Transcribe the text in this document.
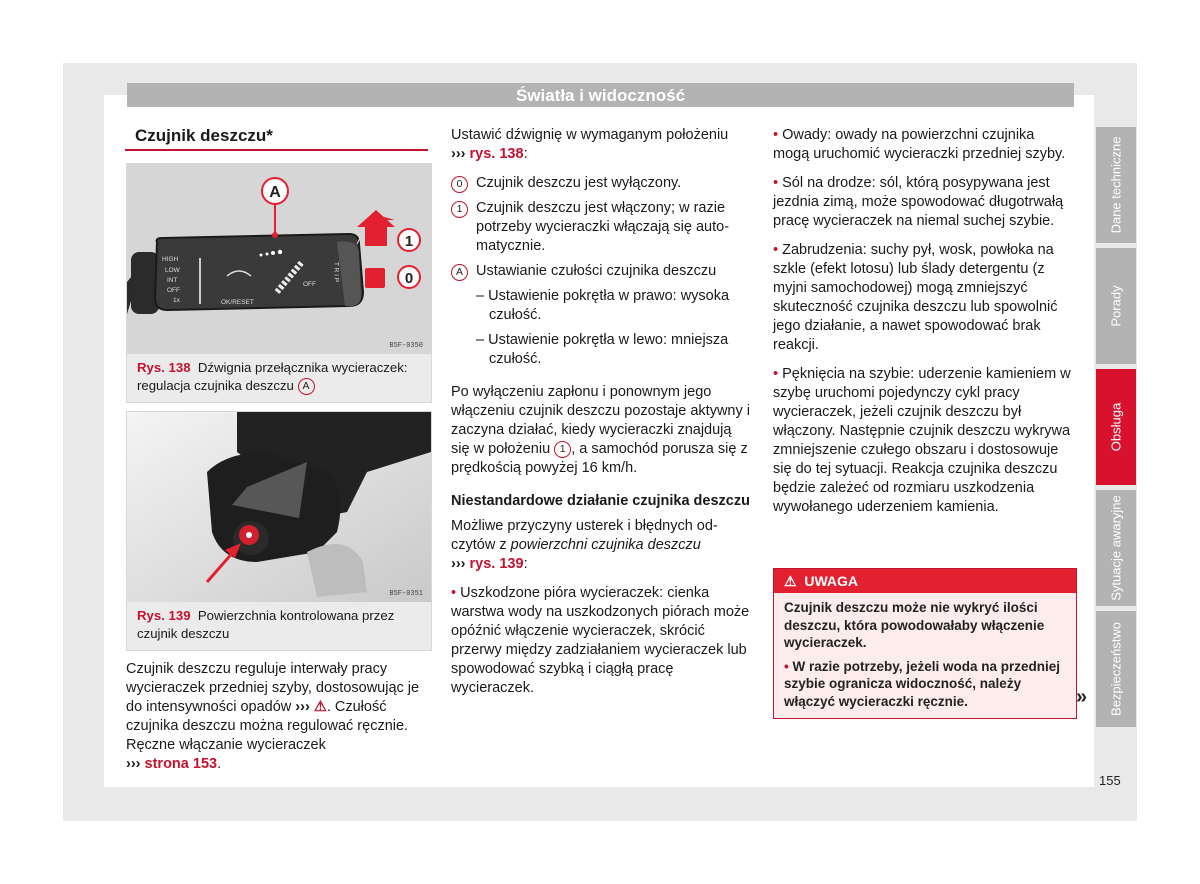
Światła i widoczność
Czujnik deszczu*
A
HIGH
LOW
INT
OFF
1x	OK/RESET
OFF
T R I P
1
0
B5F-0350
Rys. 138 Dźwignia przełącznika wycieraczek: regulacja czujnika deszczu A
B5F-0351
Rys. 139 Powierzchnia kontrolowana przez czujnik deszczu

Czujnik deszczu reguluje interwały pracy wycieraczek przedniej szyby, dostosowując je do intensywności opadów ››› ⚠. Czułość czujnika deszczu można regulować ręcznie. Ręczne włączanie wycieraczek
››› strona 153.

Ustawić dźwignię w wymaganym położeniu
››› rys. 138:

0 Czujnik deszczu jest wyłączony.
1 Czujnik deszczu jest włączony; w razie potrzeby wycieraczki włączają się automatycznie.
A Ustawianie czułości czujnika deszczu
– Ustawienie pokrętła w prawo: wysoka czułość.
– Ustawienie pokrętła w lewo: mniejsza czułość.

Po wyłączeniu zapłonu i ponownym jego włączeniu czujnik deszczu pozostaje aktywny i zaczyna działać, kiedy wycieraczki znajdują się w położeniu 1 , a samochód porusza się z prędkością powyżej 16 km/h.

Niestandardowe działanie czujnika deszczu

Możliwe przyczyny usterek i błędnych odczytów z powierzchni czujnika deszczu
››› rys. 139:

• Uszkodzone pióra wycieraczek: cienka warstwa wody na uszkodzonych piórach może opóźnić włączenie wycieraczek, skrócić przerwy między zadziałaniem wycieraczek lub spowodować szybką i ciągłą pracę wycieraczek.

• Owady: owady na powierzchni czujnika mogą uruchomić wycieraczki przedniej szyby.

• Sól na drodze: sól, którą posypywana jest jezdnia zimą, może spowodować długotrwałą pracę wycieraczek na niemal suchej szybie.

• Zabrudzenia: suchy pył, wosk, powłoka na szkle (efekt lotosu) lub ślady detergentu (z myjni samochodowej) mogą zmniejszyć skuteczność czujnika deszczu lub spowolnić jego działanie, a nawet spowodować brak reakcji.

• Pęknięcia na szybie: uderzenie kamieniem w szybę uruchomi pojedynczy cykl pracy wycieraczek, jeżeli czujnik deszczu był włączony. Następnie czujnik deszczu wykrywa zmniejszenie czułego obszaru i dostosowuje się do tej sytuacji. Reakcja czujnika deszczu będzie zależeć od rozmiaru uszkodzenia wywołanego uderzeniem kamienia.

⚠ UWAGA
Czujnik deszczu może nie wykryć ilości deszczu, która powodowałaby włączenie wycieraczek.
• W razie potrzeby, jeżeli woda na przedniej szybie ogranicza widoczność, należy włączyć wycieraczki ręcznie.	»
Dane techniczne
Porady
Obsługa
Sytuacje awaryjne
Bezpieczeństwo
155
